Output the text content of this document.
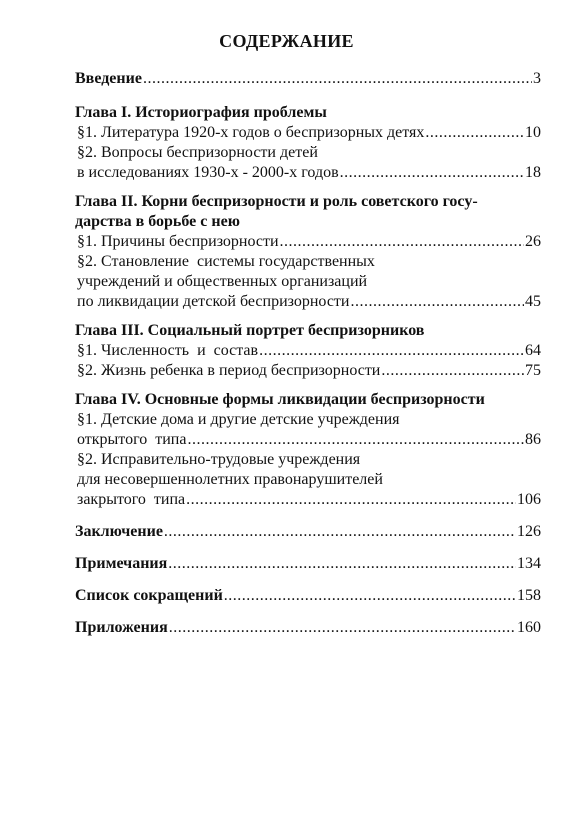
СОДЕРЖАНИЕ
Введение .....	3
Глава I. Историография проблемы
§1. Литература 1920-х годов о беспризорных детях .....	10
§2. Вопросы беспризорности детей
в исследованиях 1930-х - 2000-х годов .....	18
Глава II. Корни беспризорности и роль советского госу-
дарства в борьбе с нею
§1. Причины беспризорности .....	26
§2. Становление  системы государственных
учреждений и общественных организаций
по ликвидации детской беспризорности .....	45
Глава III. Социальный портрет беспризорников
§1. Численность  и  состав .....	64
§2. Жизнь ребенка в период беспризорности .....	75
Глава IV. Основные формы ликвидации беспризорности
§1. Детские дома и другие детские учреждения
открытого  типа .....	86
§2. Исправительно-трудовые учреждения
для несовершеннолетних правонарушителей
закрытого  типа .....	106
Заключение .....	126
Примечания .....	134
Список сокращений .....	158
Приложения .....	160
